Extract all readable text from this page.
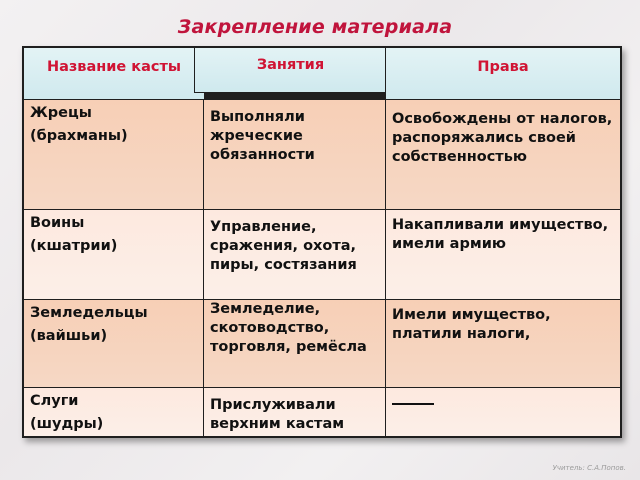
Закрепление материала
Название касты	Занятия	Права
Жрецы
(брахманы)
Выполняли жреческие обязанности
Освобождены от налогов, распоряжались своей собственностью
Воины
(кшатрии)
Управление, сражения, охота, пиры, состязания
Накапливали имущество, имели армию
Земледельцы
(вайшьи)
Земледелие, скотоводство, торговля, ремёсла
Имели имущество, платили налоги,
Слуги
(шудры)
Прислуживали верхним кастам
Учитель: С.А.Попов.
